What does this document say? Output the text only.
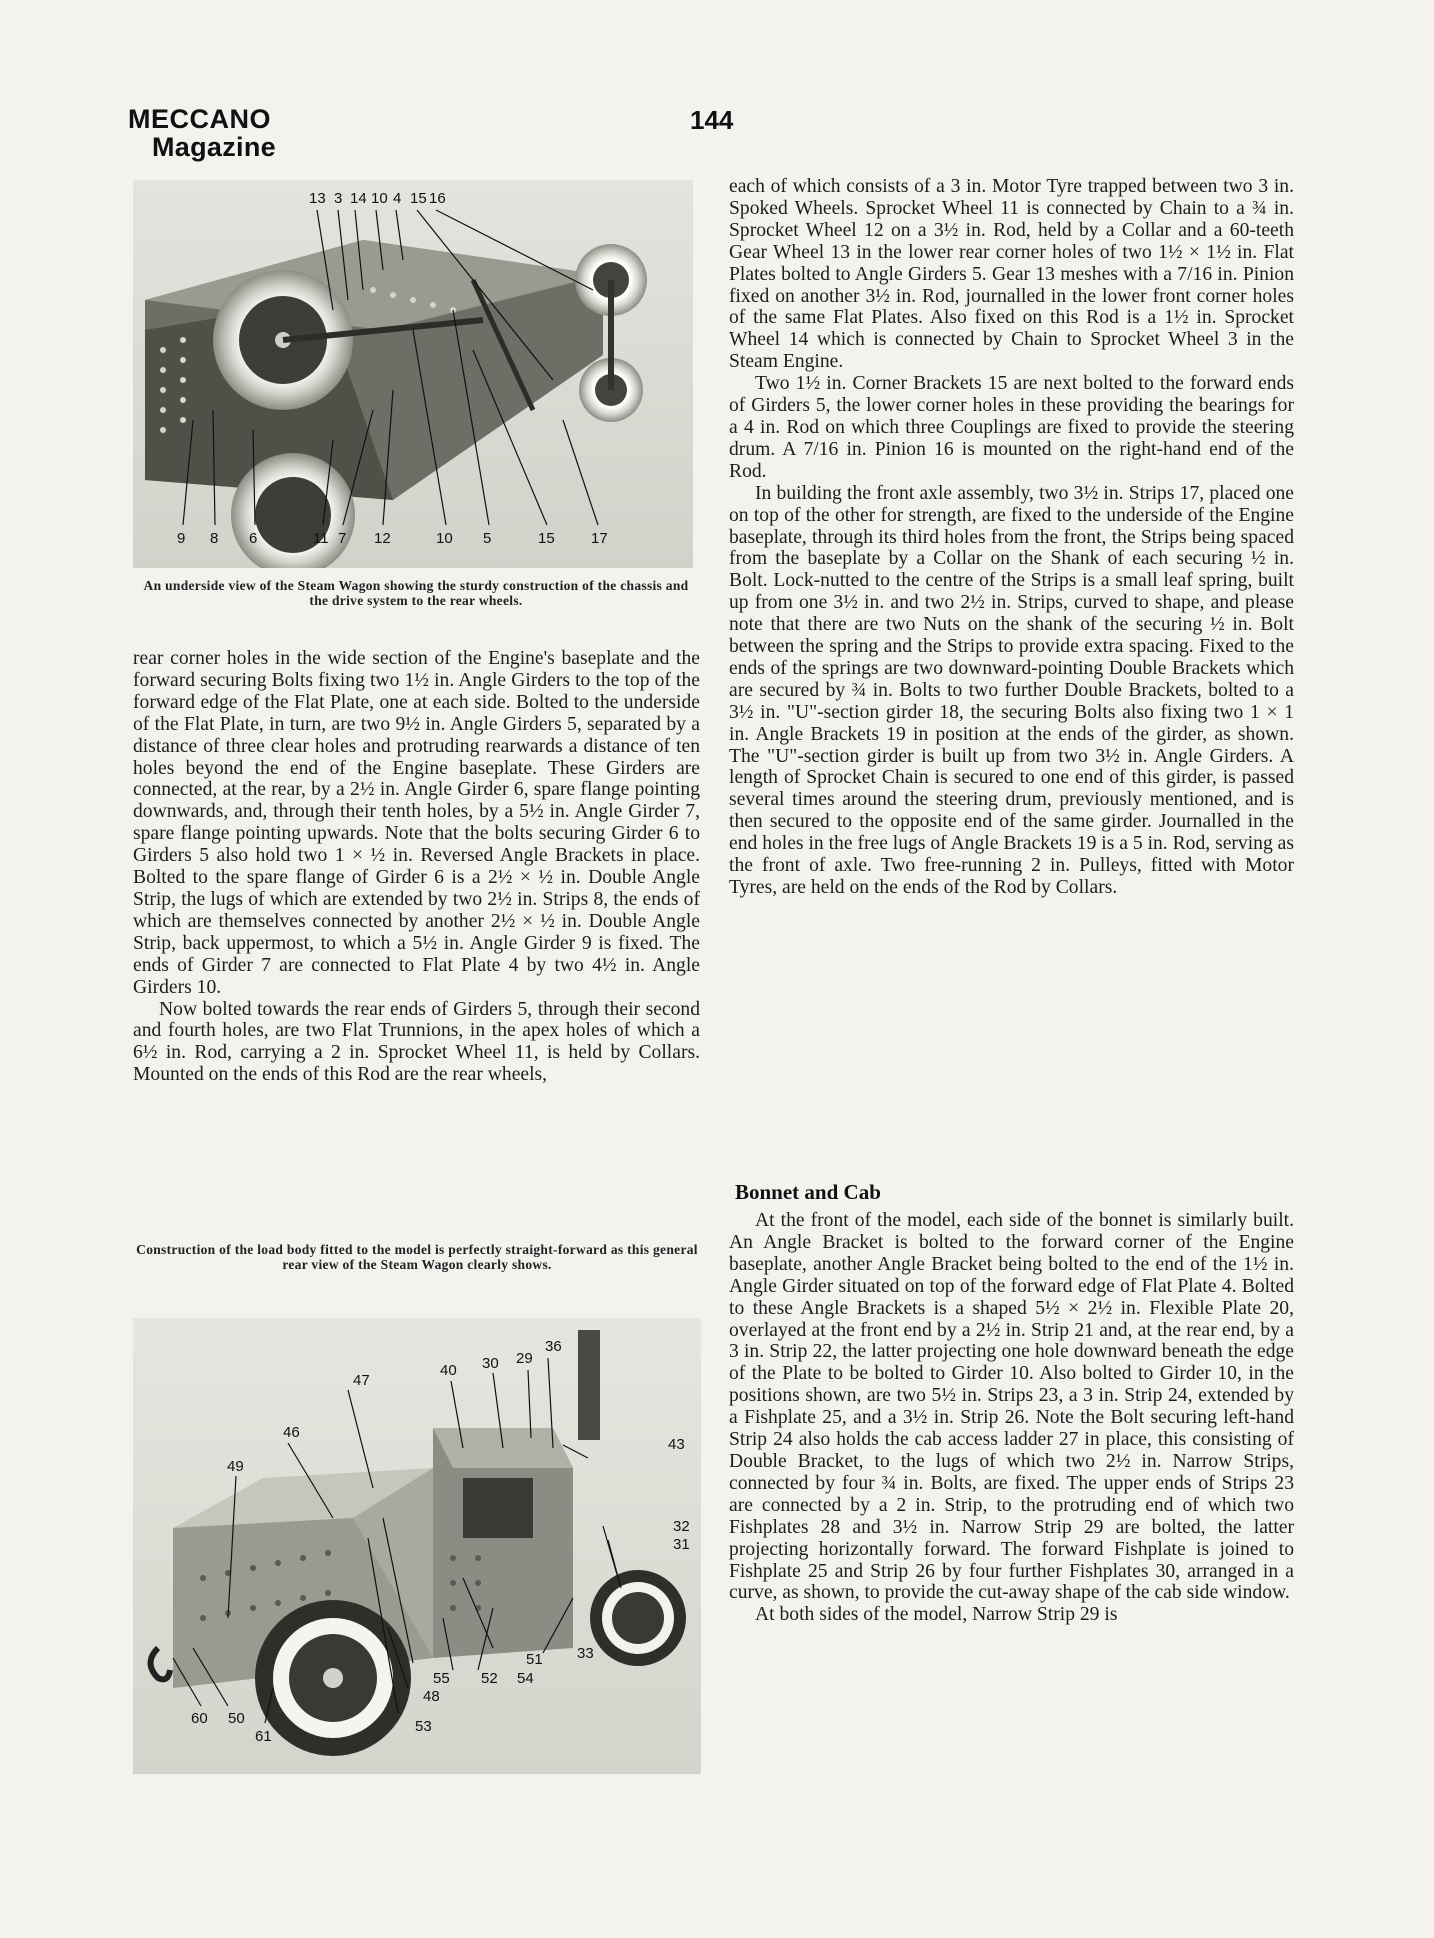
MECCANO
Magazine
144
13 3 14 10 4 15 16
9 8 6	11 7 12	10 5	15 17
An underside view of the Steam Wagon showing the sturdy construction of the chassis and the drive system to the rear wheels.

rear corner holes in the wide section of the Engine's baseplate and the forward securing Bolts fixing two 1½ in. Angle Girders to the top of the forward edge of the Flat Plate, one at each side. Bolted to the underside of the Flat Plate, in turn, are two 9½ in. Angle Girders 5, separated by a distance of three clear holes and protruding rearwards a distance of ten holes beyond the end of the Engine baseplate. These Girders are connected, at the rear, by a 2½ in. Angle Girder 6, spare flange pointing downwards, and, through their tenth holes, by a 5½ in. Angle Girder 7, spare flange pointing upwards. Note that the bolts securing Girder 6 to Girders 5 also hold two 1 × ½ in. Reversed Angle Brackets in place. Bolted to the spare flange of Girder 6 is a 2½ × ½ in. Double Angle Strip, the lugs of which are extended by two 2½ in. Strips 8, the ends of which are themselves connected by another 2½ × ½ in. Double Angle Strip, back uppermost, to which a 5½ in. Angle Girder 9 is fixed. The ends of Girder 7 are connected to Flat Plate 4 by two 4½ in. Angle Girders 10.

Now bolted towards the rear ends of Girders 5, through their second and fourth holes, are two Flat Trunnions, in the apex holes of which a 6½ in. Rod, carrying a 2 in. Sprocket Wheel 11, is held by Collars. Mounted on the ends of this Rod are the rear wheels,

Construction of the load body fitted to the model is perfectly straight-forward as this general rear view of the Steam Wagon clearly shows.
36
29
30
40
47
46
49
43
32
31
51 33
55 52 54
48
53
60 50
61

each of which consists of a 3 in. Motor Tyre trapped between two 3 in. Spoked Wheels. Sprocket Wheel 11 is connected by Chain to a ¾ in. Sprocket Wheel 12 on a 3½ in. Rod, held by a Collar and a 60-teeth Gear Wheel 13 in the lower rear corner holes of two 1½ × 1½ in. Flat Plates bolted to Angle Girders 5. Gear 13 meshes with a 7/16 in. Pinion fixed on another 3½ in. Rod, journalled in the lower front corner holes of the same Flat Plates. Also fixed on this Rod is a 1½ in. Sprocket Wheel 14 which is connected by Chain to Sprocket Wheel 3 in the Steam Engine.

Two 1½ in. Corner Brackets 15 are next bolted to the forward ends of Girders 5, the lower corner holes in these providing the bearings for a 4 in. Rod on which three Couplings are fixed to provide the steering drum. A 7/16 in. Pinion 16 is mounted on the right-hand end of the Rod.

In building the front axle assembly, two 3½ in. Strips 17, placed one on top of the other for strength, are fixed to the underside of the Engine baseplate, through its third holes from the front, the Strips being spaced from the baseplate by a Collar on the Shank of each securing ½ in. Bolt. Lock-nutted to the centre of the Strips is a small leaf spring, built up from one 3½ in. and two 2½ in. Strips, curved to shape, and please note that there are two Nuts on the shank of the securing ½ in. Bolt between the spring and the Strips to provide extra spacing. Fixed to the ends of the springs are two downward-pointing Double Brackets which are secured by ¾ in. Bolts to two further Double Brackets, bolted to a 3½ in. "U"-section girder 18, the securing Bolts also fixing two 1 × 1 in. Angle Brackets 19 in position at the ends of the girder, as shown. The "U"-section girder is built up from two 3½ in. Angle Girders. A length of Sprocket Chain is secured to one end of this girder, is passed several times around the steering drum, previously mentioned, and is then secured to the opposite end of the same girder. Journalled in the end holes in the free lugs of Angle Brackets 19 is a 5 in. Rod, serving as the front of axle. Two free-running 2 in. Pulleys, fitted with Motor Tyres, are held on the ends of the Rod by Collars.

Bonnet and Cab

At the front of the model, each side of the bonnet is similarly built. An Angle Bracket is bolted to the forward corner of the Engine baseplate, another Angle Bracket being bolted to the end of the 1½ in. Angle Girder situated on top of the forward edge of Flat Plate 4. Bolted to these Angle Brackets is a shaped 5½ × 2½ in. Flexible Plate 20, overlayed at the front end by a 2½ in. Strip 21 and, at the rear end, by a 3 in. Strip 22, the latter projecting one hole downward beneath the edge of the Plate to be bolted to Girder 10. Also bolted to Girder 10, in the positions shown, are two 5½ in. Strips 23, a 3 in. Strip 24, extended by a Fishplate 25, and a 3½ in. Strip 26. Note the Bolt securing left-hand Strip 24 also holds the cab access ladder 27 in place, this consisting of Double Bracket, to the lugs of which two 2½ in. Narrow Strips, connected by four ¾ in. Bolts, are fixed. The upper ends of Strips 23 are connected by a 2 in. Strip, to the protruding end of which two Fishplates 28 and 3½ in. Narrow Strip 29 are bolted, the latter projecting horizontally forward. The forward Fishplate is joined to Fishplate 25 and Strip 26 by four further Fishplates 30, arranged in a curve, as shown, to provide the cut-away shape of the cab side window.

At both sides of the model, Narrow Strip 29 is
